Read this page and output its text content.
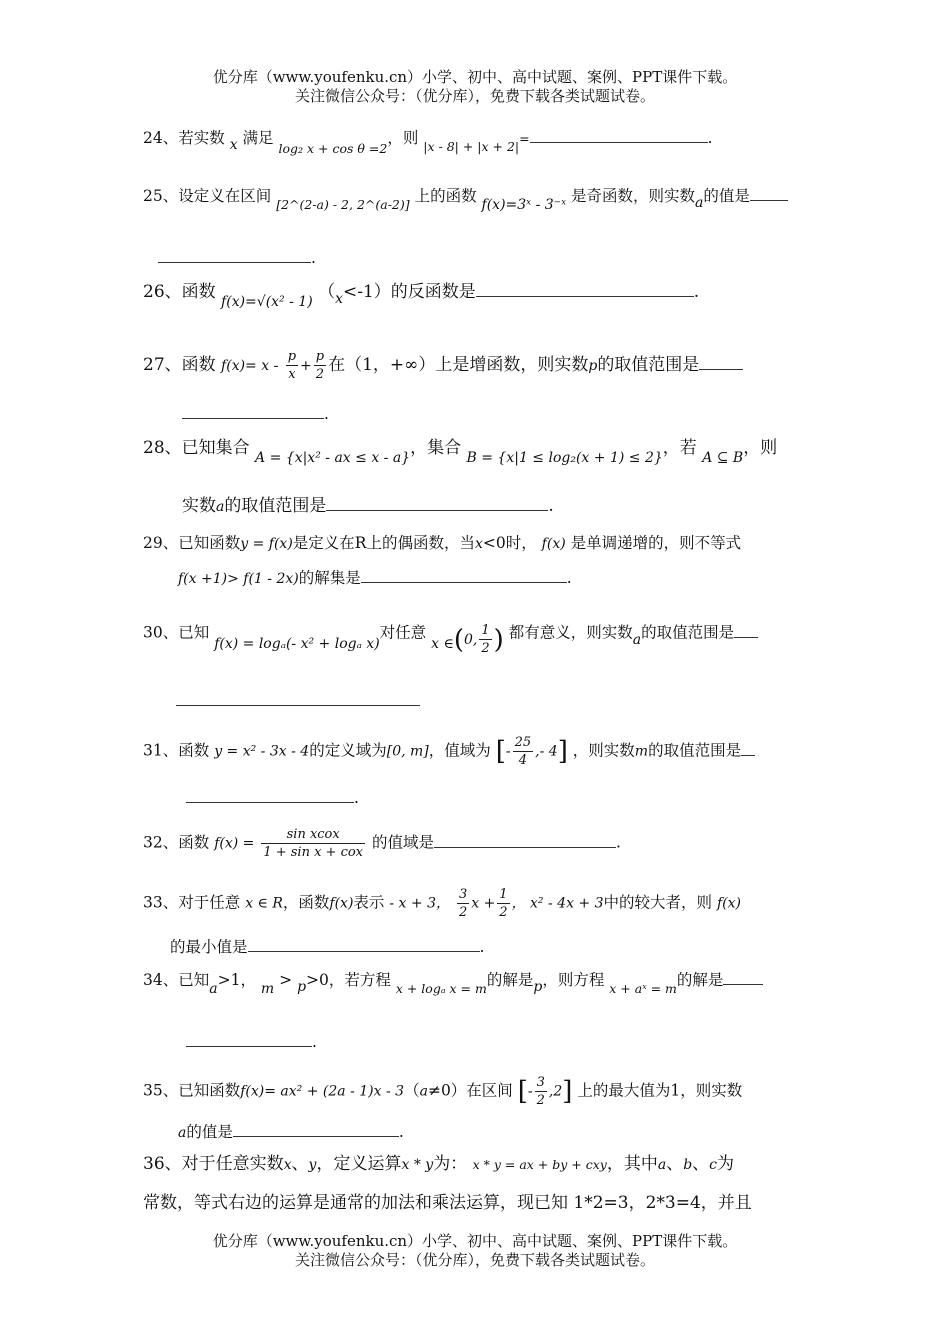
优分库（www.youfenku.cn）小学、初中、高中试题、案例、PPT课件下载。
关注微信公众号：（优分库），免费下载各类试题试卷。
24、若实数 x 满足 $_{log_2 x + cos \theta =2}$，则 $_{|x - 8| + |x + 2|}$=	.
25、设定义在区间 $_{[2\^{}(2-a) - 2, 2\^{}(a-2)]}$ 上的函数 f(x)=3ˣ - 3⁻ˣ 是奇函数，则实数a的值是
.
26、函数 $_{f(x)=√(x^2 - 1)}$ $(_x<-1)$的反函数是	.
27、函数 $f(x)= x - \frac{p}{x} + \frac{p}{2}$ 在（1，+∞）上是增函数，则实数p的取值范围是
.
28、已知集合 $_{A = \{x|x^2 - ax \le x - a\}}$，集合 $_{B = \{x|1 \le log_2(x + 1) \le 2\}}$，若 $_{A ⊆ B}$，则
实数a的取值范围是	.
29、已知函数y = f(x)是定义在R上的偶函数，当x<0时， f(x) 是单调递增的，则不等式
f(x +1)> f(1 - 2x)的解集是	.
30、已知 f(x) = logₐ(- x² + logₐ x)对任意 x ∈(0, $\frac{1}{2}$ ) 都有意义，则实数a的取值范围是
31、函数 y = x² - 3x - 4的定义域为[0, m]，值域为 [- $\frac{25}{4}$ ,- 4] ，则实数m的取值范围是
.
32、函数 $f(x) = \frac{\text{sin xcox}}{\text{1 + sin x + cox}}$ 的值域是	.
33、对于任意 x ∈ R，函数f(x)表示 - x + 3， $\frac{3}{2}$ $x + \frac{1}{2}$ ， x² - 4x + 3中的较大者，则 f(x)
的最小值是	.
34、已知a>1， m > p>0，若方程 $_{x + log_a x = m}$的解是p，则方程 $_{x + aˣ = m}$的解是
.
35、已知函数f(x)= ax² + (2a - 1)x - 3（a≠0）在区间 [- $\frac{3}{2} ,2$] 上的最大值为1，则实数
a的值是	.
36、对于任意实数x、y，定义运算x * y为： x * y = ax + by + cxy，其中a、b、c为
常数，等式右边的运算是通常的加法和乘法运算，现已知 1*2=3，2*3=4，并且
优分库（www.youfenku.cn）小学、初中、高中试题、案例、PPT课件下载。
关注微信公众号：（优分库），免费下载各类试题试卷。
